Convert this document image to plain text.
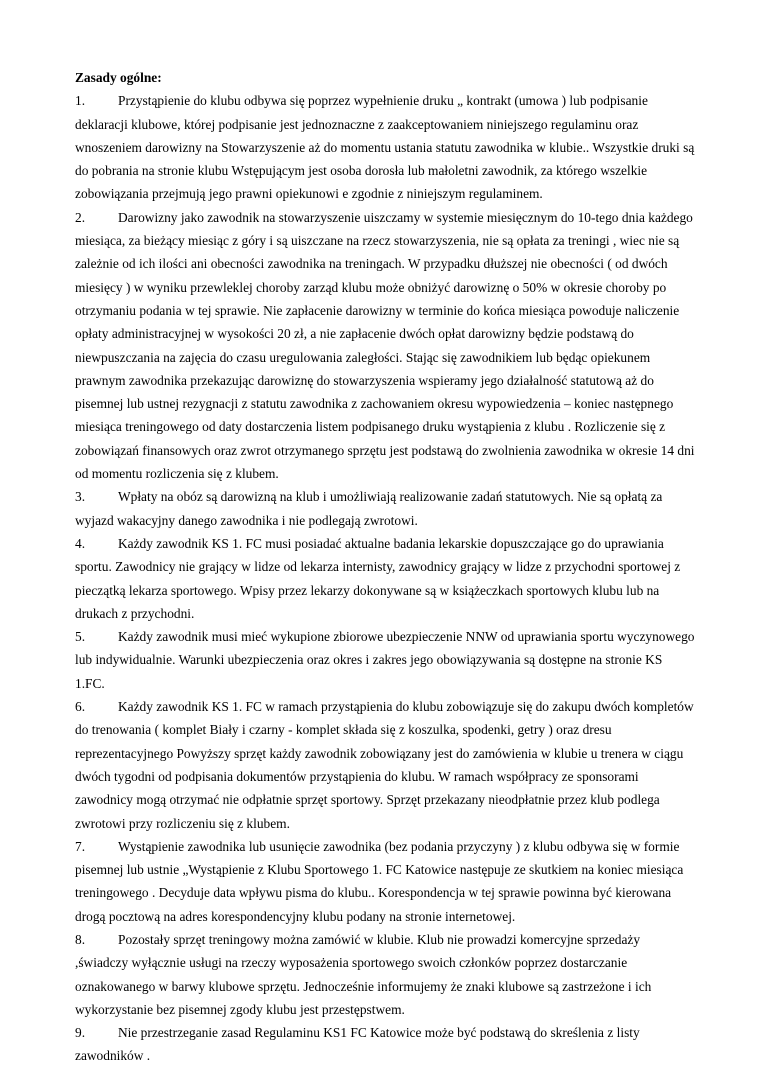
Zasady ogólne:

1. Przystąpienie do klubu odbywa się poprzez wypełnienie druku „ kontrakt (umowa ) lub podpisanie deklaracji klubowe, której podpisanie jest jednoznaczne z zaakceptowaniem niniejszego regulaminu oraz wnoszeniem darowizny na Stowarzyszenie aż do momentu ustania statutu zawodnika w klubie.. Wszystkie druki są do pobrania na stronie klubu Wstępującym jest osoba dorosła lub małoletni zawodnik, za którego wszelkie zobowiązania przejmują jego prawni opiekunowi e zgodnie z niniejszym regulaminem.

2. Darowizny jako zawodnik na stowarzyszenie uiszczamy w systemie miesięcznym do 10-tego dnia każdego miesiąca, za bieżący miesiąc z góry i są uiszczane na rzecz stowarzyszenia, nie są opłata za treningi , wiec nie są zależnie od ich ilości ani obecności zawodnika na treningach. W przypadku dłuższej nie obecności ( od dwóch miesięcy ) w wyniku przewleklej choroby zarząd klubu może obniżyć darowiznę o 50% w okresie choroby po otrzymaniu podania w tej sprawie. Nie zapłacenie darowizny w terminie do końca miesiąca powoduje naliczenie opłaty administracyjnej w wysokości 20 zł, a nie zapłacenie dwóch opłat darowizny będzie podstawą do niewpuszczania na zajęcia do czasu uregulowania zaległości. Stając się zawodnikiem lub będąc opiekunem prawnym zawodnika przekazując darowiznę do stowarzyszenia wspieramy jego działalność statutową aż do pisemnej lub ustnej rezygnacji z statutu zawodnika z zachowaniem okresu wypowiedzenia – koniec następnego miesiąca treningowego od daty dostarczenia listem podpisanego druku wystąpienia z klubu . Rozliczenie się z zobowiązań finansowych oraz zwrot otrzymanego sprzętu jest podstawą do zwolnienia zawodnika w okresie 14 dni od momentu rozliczenia się z klubem.

3. Wpłaty na obóz są darowizną na klub i umożliwiają realizowanie zadań statutowych. Nie są opłatą za wyjazd wakacyjny danego zawodnika i nie podlegają zwrotowi.

4. Każdy zawodnik KS 1. FC musi posiadać aktualne badania lekarskie dopuszczające go do uprawiania sportu. Zawodnicy nie grający w lidze od lekarza internisty, zawodnicy grający w lidze z przychodni sportowej z pieczątką lekarza sportowego. Wpisy przez lekarzy dokonywane są w książeczkach sportowych klubu lub na drukach z przychodni.

5. Każdy zawodnik musi mieć wykupione zbiorowe ubezpieczenie NNW od uprawiania sportu wyczynowego lub indywidualnie. Warunki ubezpieczenia oraz okres i zakres jego obowiązywania są dostępne na stronie KS 1.FC.

6. Każdy zawodnik KS 1. FC w ramach przystąpienia do klubu zobowiązuje się do zakupu dwóch kompletów do trenowania ( komplet Biały i czarny - komplet składa się z koszulka, spodenki, getry ) oraz dresu reprezentacyjnego Powyższy sprzęt każdy zawodnik zobowiązany jest do zamówienia w klubie u trenera w ciągu dwóch tygodni od podpisania dokumentów przystąpienia do klubu. W ramach współpracy ze sponsorami zawodnicy mogą otrzymać nie odpłatnie sprzęt sportowy. Sprzęt przekazany nieodpłatnie przez klub podlega zwrotowi przy rozliczeniu się z klubem.

7. Wystąpienie zawodnika lub usunięcie zawodnika (bez podania przyczyny ) z klubu odbywa się w formie pisemnej lub ustnie „Wystąpienie z Klubu Sportowego 1. FC Katowice następuje ze skutkiem na koniec miesiąca treningowego . Decyduje data wpływu pisma do klubu.. Korespondencja w tej sprawie powinna być kierowana drogą pocztową na adres korespondencyjny klubu podany na stronie internetowej.

8. Pozostały sprzęt treningowy można zamówić w klubie. Klub nie prowadzi komercyjne sprzedaży ,świadczy wyłącznie usługi na rzeczy wyposażenia sportowego swoich członków poprzez dostarczanie oznakowanego w barwy klubowe sprzętu. Jednocześnie informujemy że znaki klubowe są zastrzeżone i ich wykorzystanie bez pisemnej zgody klubu jest przestępstwem.

9. Nie przestrzeganie zasad Regulaminu KS1 FC Katowice może być podstawą do skreślenia z listy zawodników .
